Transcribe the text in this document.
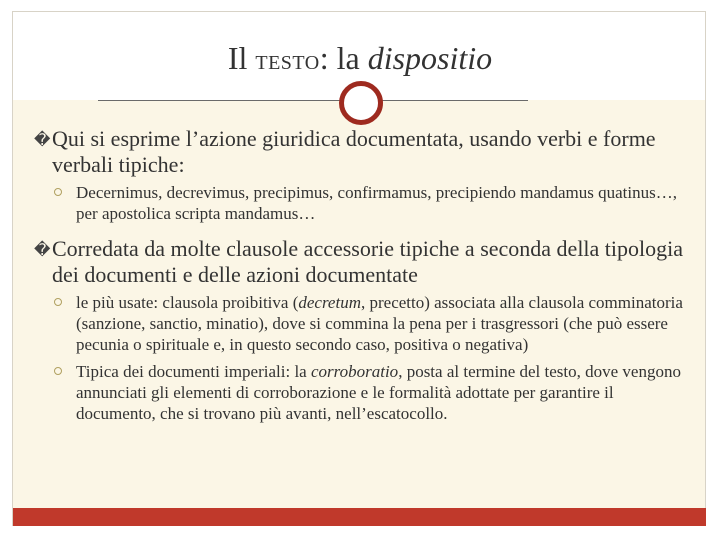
Il TESTO: la dispositio
� Qui si esprime l’azione giuridica documentata, usando verbi e forme verbali tipiche:
Decernimus, decrevimus, precipimus, confirmamus, precipiendo mandamus quatinus…, per apostolica scripta mandamus…
� Corredata da molte clausole accessorie tipiche a seconda della tipologia dei documenti e delle azioni documentate
le più usate: clausola proibitiva (decretum, precetto) associata alla clausola comminatoria (sanzione, sanctio, minatio), dove si commina la pena per i trasgressori (che può essere pecunia o spirituale e, in questo secondo caso, positiva o negativa)
Tipica dei documenti imperiali: la corroboratio, posta al termine del testo, dove vengono annunciati gli elementi di corroborazione e le formalità adottate per garantire il documento, che si trovano più avanti, nell’escatocollo.
